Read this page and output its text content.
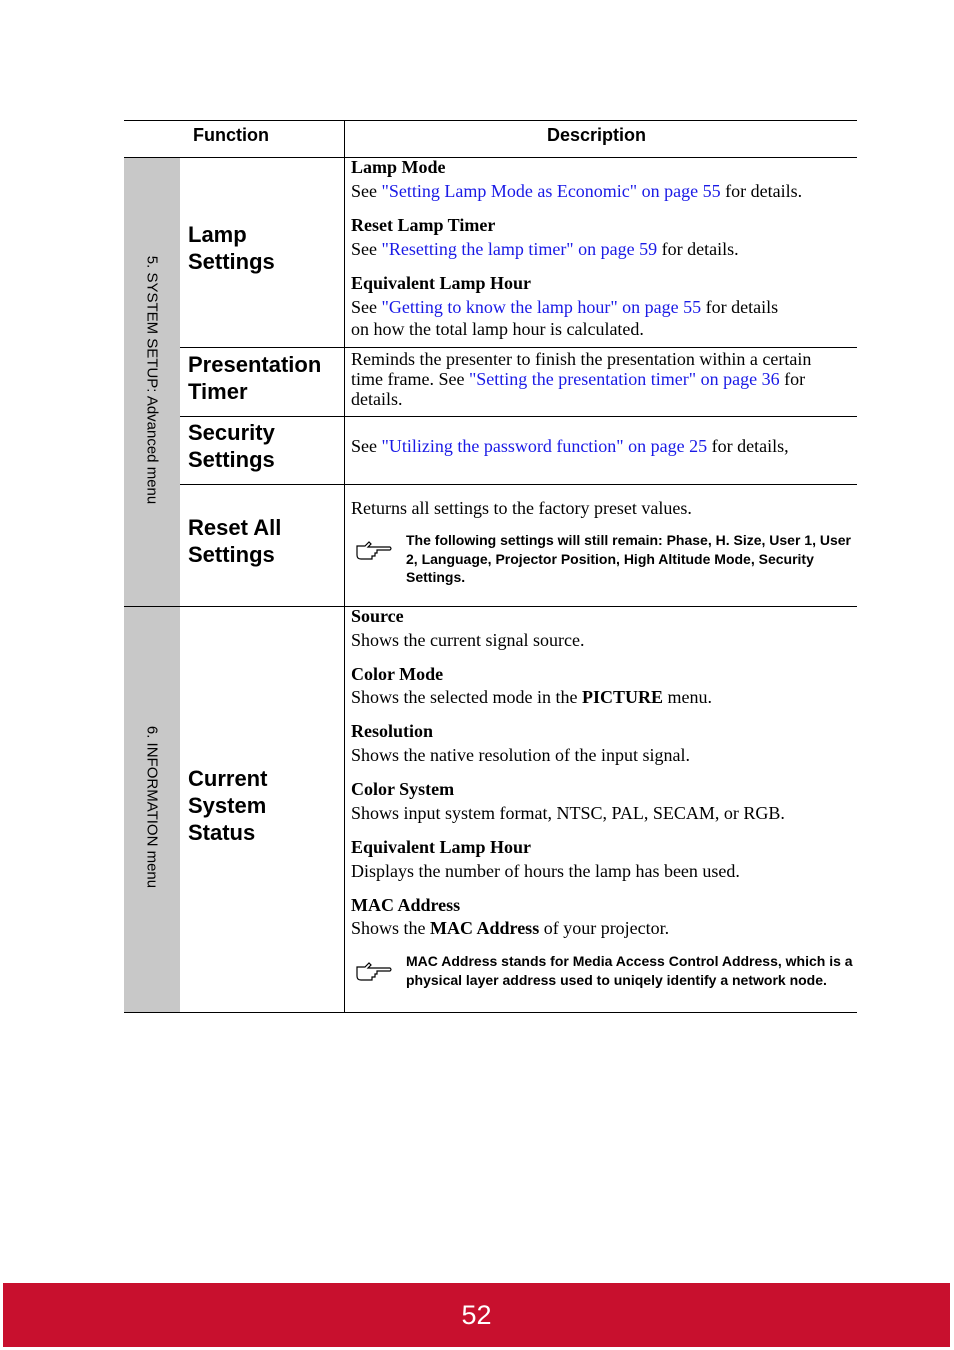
Function	Description
5. SYSTEM SETUP: Advanced menu
6. INFORMATION menu
Lamp
Settings
Lamp Mode
See "Setting Lamp Mode as Economic" on page 55 for details.
Reset Lamp Timer
See "Resetting the lamp timer" on page 59 for details.
Equivalent Lamp Hour
See "Getting to know the lamp hour" on page 55 for details
on how the total lamp hour is calculated.
Presentation
Timer
Reminds the presenter to finish the presentation within a certain
time frame. See "Setting the presentation timer" on page 36 for
details.
Security
Settings
See "Utilizing the password function" on page 25 for details,
Reset All
Settings
Returns all settings to the factory preset values.
The following settings will still remain: Phase, H. Size, User 1, User 2, Language, Projector Position, High Altitude Mode, Security Settings.
Current
System
Status
Source
Shows the current signal source.
Color Mode
Shows the selected mode in the PICTURE menu.
Resolution
Shows the native resolution of the input signal.
Color System
Shows input system format, NTSC, PAL, SECAM, or RGB.
Equivalent Lamp Hour
Displays the number of hours the lamp has been used.
MAC Address
Shows the MAC Address of your projector.
MAC Address stands for Media Access Control Address, which is a physical layer address used to uniqely identify a network node.
52
